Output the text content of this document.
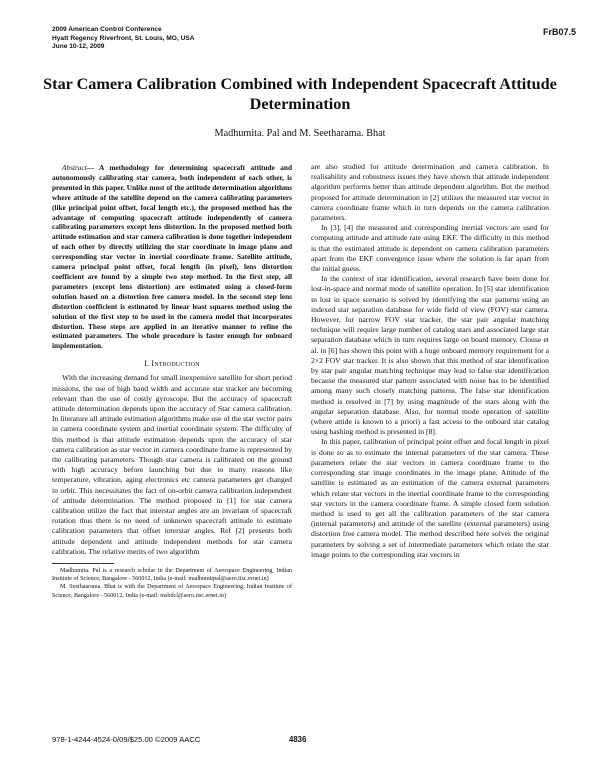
2009 American Control Conference
Hyatt Regency Riverfront, St. Louis, MO, USA
June 10-12, 2009
FrB07.5
Star Camera Calibration Combined with Independent Spacecraft Attitude Determination
Madhumita. Pal and M. Seetharama. Bhat

Abstract— A methodology for determining spacecraft attitude and autonomously calibrating star camera, both independent of each other, is presented in this paper. Unlike most of the attitude determination algorithms where attitude of the satellite depend on the camera calibrating parameters (like principal point offset, focal length etc.), the proposed method has the advantage of computing spacecraft attitude independently of camera calibrating parameters except lens distortion. In the proposed method both attitude estimation and star camera calibration is done together independent of each other by directly utilizing the star coordinate in image plane and corresponding star vector in inertial coordinate frame. Satellite attitude, camera principal point offset, focal length (in pixel), lens distortion coefficient are found by a simple two step method. In the first step, all parameters (except lens distortion) are estimated using a closed-form solution based on a distortion free camera model. In the second step lens distortion coefficient is estimated by linear least squares method using the solution of the first step to be used in the camera model that incorporates distortion. These steps are applied in an iterative manner to refine the estimated parameters. The whole procedure is faster enough for onboard implementation.

I. Introduction

With the increasing demand for small inexpensive satellite for short period missions, the use of high band width and accurate star tracker are becoming relevant than the use of costly gyroscope. But the accuracy of spacecraft attitude determination depends upon the accuracy of Star camera calibration. In literature all attitude estimation algorithms make use of the star vector pairs in camera coordinate system and inertial coordinate system. The difficulty of this method is that attitude estimation depends upon the accuracy of star camera calibration as star vector in camera coordinate frame is represented by the calibrating parameters. Though star camera is calibrated on the ground with high accuracy before launching but due to many reasons like temperature, vibration, aging electronics etc camera parameters get changed in orbit. This necessitates the fact of on-orbit camera calibration independent of attitude determination. The method proposed in [1] for star camera calibration utilize the fact that interstar angles are an invariant of spacecraft rotation thus there is no need of unknown spacecraft attitude to estimate calibration parameters that offset interstar angles. Ref [2] presents both attitude dependent and attitude independent methods for star camera calibration. The relative merits of two algorithm

Madhumita. Pal is a research scholar in the Department of Aerospace Engineering, Indian Institute of Science, Bangalore - 560012, India (e-mail: madhumitpal@aero.iisc.ernet.in)

M. Seethaarama. Bhat is with the Department of Aerospace Engineering, Indian Institute of Science, Bangalore - 560012, India (e-mail: msbdcl@aero.iisc.ernet.in)

are also studied for attitude determination and camera calibration. In realisability and robustness issues they have shown that attitude independent algorithm performs better than attitude dependent algorithm. But the method proposed for attitude determination in [2] utilizes the measured star vector in camera coordinate frame which in turn depends on the camera calibration parameters.

In [3], [4] the measured and corresponding inertial vectors are used for computing attitude and attitude rate using EKF. The difficulty in this method is that the estimated attitude is dependent on camera calibration parameters apart from the EKF convergence issue where the solution is far apart from the initial guess.

In the context of star identification, several research have been done for lost-in-space and normal mode of satellite operation. In [5] star identification in lost in space scenario is solved by identifying the star patterns using an indexed star separation database for wide field of view (FOV) star camera. However, for narrow FOV star tracker, the star pair angular matching technique will require large number of catalog stars and associated large star separation database which in turn requires large on board memory. Clouse et al. in [6] has shown this point with a huge onboard memory requirement for a 2×2 FOV star tracker. It is also shown that this method of star identification by star pair angular matching technique may lead to false star identification because the measured star pattern associated with noise has to be identified among many such closely matching patterns. The false star identification method is resolved in [7] by using magnitude of the stars along with the angular separation database. Also, for normal mode operation of satellite (where attide is known to a priori) a fast access to the onboard star catalog using hashing method is presented in [8].

In this paper, calibration of principal point offset and focal length in pixel is done so as to estimate the internal parameters of the star camera. These parameters relate the star vectors in camera coordinate frame to the corresponding star image coordinates in the image plane. Attitude of the satellite is estimated as an estimation of the camera external parameters which relate star vectors in the inertial coordinate frame to the corresponding star vectors in the camera coordinate frame. A simple closed form solution method is used to get all the calibration parameters of the star camera (internal parameters) and attitude of the satellite (external parameters) using distortion free camera model. The method described here solves the original parameters by solving a set of intermediate parameters which relate the star image points to the corresponding star vectors in

978-1-4244-4524-0/09/$25.00 ©2009 AACC	4836
